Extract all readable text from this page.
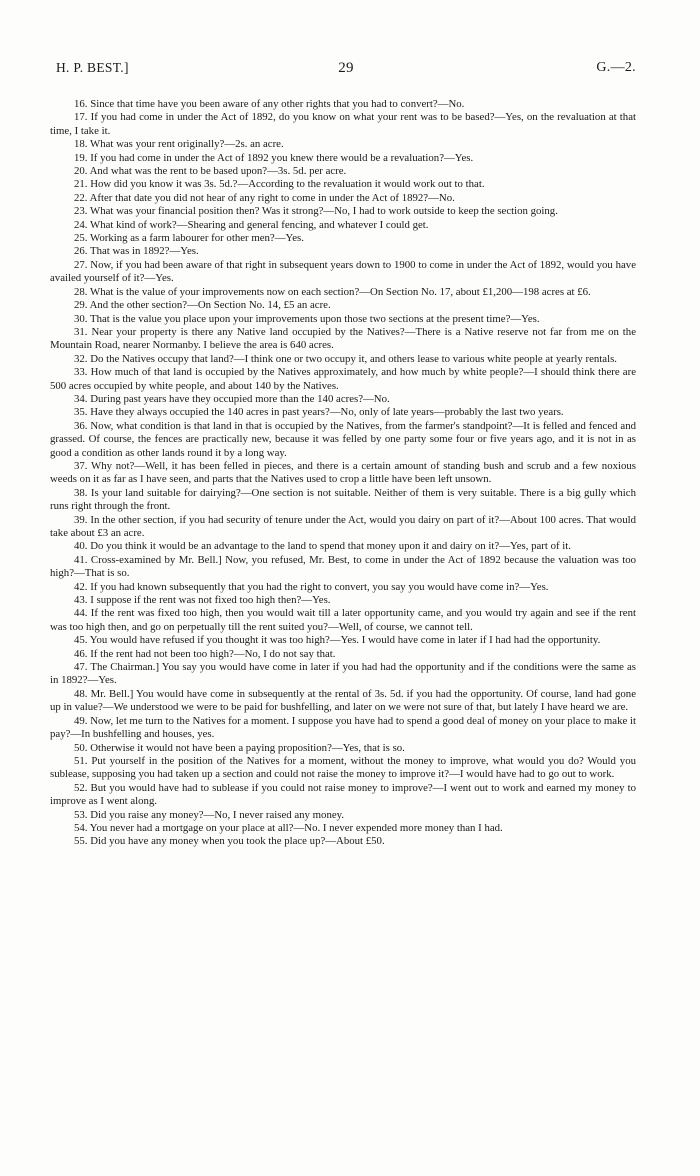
H. P. BEST.]	29	G.—2.

16. Since that time have you been aware of any other rights that you had to convert?—No.

17. If you had come in under the Act of 1892, do you know on what your rent was to be based?—Yes, on the revaluation at that time, I take it.

18. What was your rent originally?—2s. an acre.

19. If you had come in under the Act of 1892 you knew there would be a revaluation?—Yes.

20. And what was the rent to be based upon?—3s. 5d. per acre.

21. How did you know it was 3s. 5d.?—According to the revaluation it would work out to that.

22. After that date you did not hear of any right to come in under the Act of 1892?—No.

23. What was your financial position then? Was it strong?—No, I had to work outside to keep the section going.

24. What kind of work?—Shearing and general fencing, and whatever I could get.

25. Working as a farm labourer for other men?—Yes.

26. That was in 1892?—Yes.

27. Now, if you had been aware of that right in subsequent years down to 1900 to come in under the Act of 1892, would you have availed yourself of it?—Yes.

28. What is the value of your improvements now on each section?—On Section No. 17, about £1,200—198 acres at £6.

29. And the other section?—On Section No. 14, £5 an acre.

30. That is the value you place upon your improvements upon those two sections at the present time?—Yes.

31. Near your property is there any Native land occupied by the Natives?—There is a Native reserve not far from me on the Mountain Road, nearer Normanby. I believe the area is 640 acres.

32. Do the Natives occupy that land?—I think one or two occupy it, and others lease to various white people at yearly rentals.

33. How much of that land is occupied by the Natives approximately, and how much by white people?—I should think there are 500 acres occupied by white people, and about 140 by the Natives.

34. During past years have they occupied more than the 140 acres?—No.

35. Have they always occupied the 140 acres in past years?—No, only of late years—probably the last two years.

36. Now, what condition is that land in that is occupied by the Natives, from the farmer's standpoint?—It is felled and fenced and grassed. Of course, the fences are practically new, because it was felled by one party some four or five years ago, and it is not in as good a condition as other lands round it by a long way.

37. Why not?—Well, it has been felled in pieces, and there is a certain amount of standing bush and scrub and a few noxious weeds on it as far as I have seen, and parts that the Natives used to crop a little have been left unsown.

38. Is your land suitable for dairying?—One section is not suitable. Neither of them is very suitable. There is a big gully which runs right through the front.

39. In the other section, if you had security of tenure under the Act, would you dairy on part of it?—About 100 acres. That would take about £3 an acre.

40. Do you think it would be an advantage to the land to spend that money upon it and dairy on it?—Yes, part of it.

41. Cross-examined by Mr. Bell.] Now, you refused, Mr. Best, to come in under the Act of 1892 because the valuation was too high?—That is so.

42. If you had known subsequently that you had the right to convert, you say you would have come in?—Yes.

43. I suppose if the rent was not fixed too high then?—Yes.

44. If the rent was fixed too high, then you would wait till a later opportunity came, and you would try again and see if the rent was too high then, and go on perpetually till the rent suited you?—Well, of course, we cannot tell.

45. You would have refused if you thought it was too high?—Yes. I would have come in later if I had had the opportunity.

46. If the rent had not been too high?—No, I do not say that.

47. The Chairman.] You say you would have come in later if you had had the opportunity and if the conditions were the same as in 1892?—Yes.

48. Mr. Bell.] You would have come in subsequently at the rental of 3s. 5d. if you had the opportunity. Of course, land had gone up in value?—We understood we were to be paid for bushfelling, and later on we were not sure of that, but lately I have heard we are.

49. Now, let me turn to the Natives for a moment. I suppose you have had to spend a good deal of money on your place to make it pay?—In bushfelling and houses, yes.

50. Otherwise it would not have been a paying proposition?—Yes, that is so.

51. Put yourself in the position of the Natives for a moment, without the money to improve, what would you do? Would you sublease, supposing you had taken up a section and could not raise the money to improve it?—I would have had to go out to work.

52. But you would have had to sublease if you could not raise money to improve?—I went out to work and earned my money to improve as I went along.

53. Did you raise any money?—No, I never raised any money.

54. You never had a mortgage on your place at all?—No. I never expended more money than I had.

55. Did you have any money when you took the place up?—About £50.
